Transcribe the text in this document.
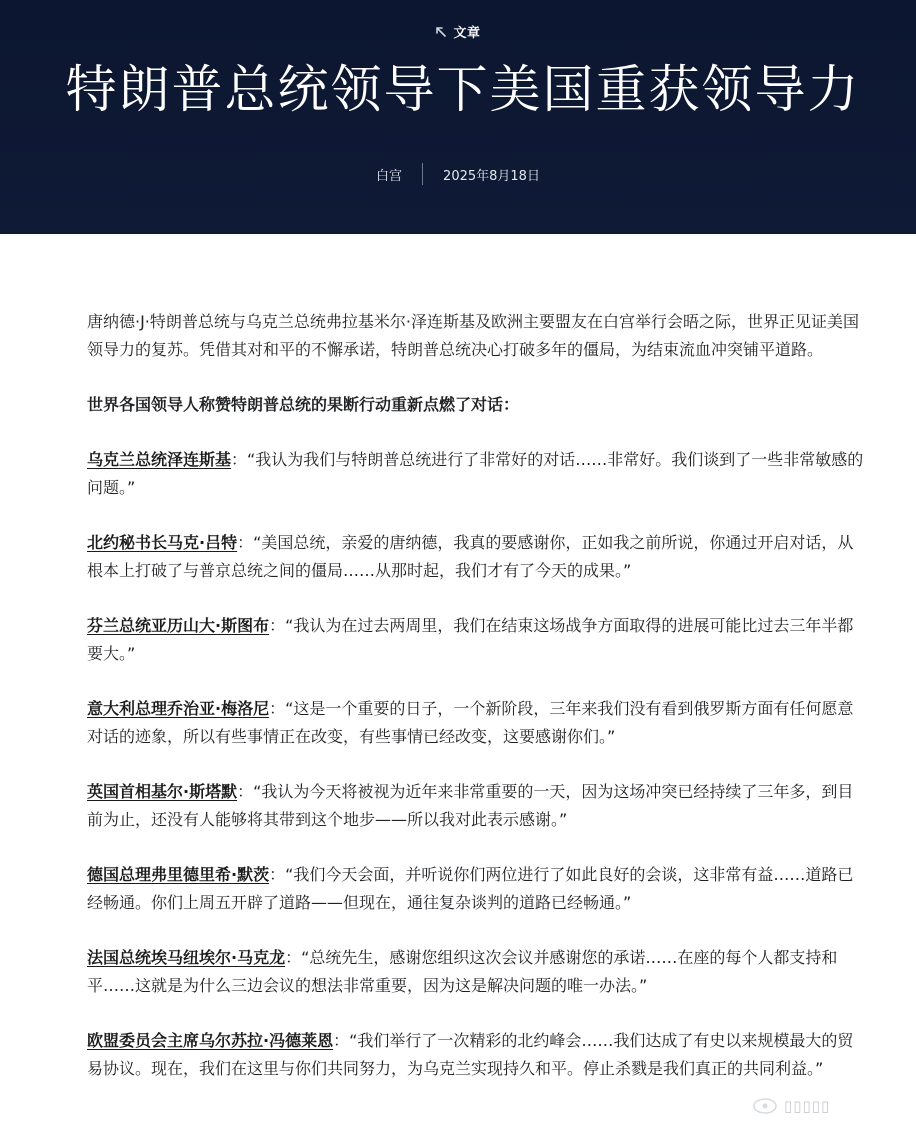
文章
特朗普总统领导下美国重获领导力
白宫	2025年8月18日

唐纳德·J·特朗普总统与乌克兰总统弗拉基米尔·泽连斯基及欧洲主要盟友在白宫举行会晤之际，世界正见证美国领导力的复苏。凭借其对和平的不懈承诺，特朗普总统决心打破多年的僵局，为结束流血冲突铺平道路。

世界各国领导人称赞特朗普总统的果断行动重新点燃了对话：

乌克兰总统泽连斯基：“我认为我们与特朗普总统进行了非常好的对话……非常好。我们谈到了一些非常敏感的问题。”

北约秘书长马克·吕特：“美国总统，亲爱的唐纳德，我真的要感谢你，正如我之前所说，你通过开启对话，从根本上打破了与普京总统之间的僵局……从那时起，我们才有了今天的成果。”

芬兰总统亚历山大·斯图布：“我认为在过去两周里，我们在结束这场战争方面取得的进展可能比过去三年半都要大。”

意大利总理乔治亚·梅洛尼：“这是一个重要的日子，一个新阶段，三年来我们没有看到俄罗斯方面有任何愿意对话的迹象，所以有些事情正在改变，有些事情已经改变，这要感谢你们。”

英国首相基尔·斯塔默：“我认为今天将被视为近年来非常重要的一天，因为这场冲突已经持续了三年多，到目前为止，还没有人能够将其带到这个地步——所以我对此表示感谢。”

德国总理弗里德里希·默茨：“我们今天会面，并听说你们两位进行了如此良好的会谈，这非常有益……道路已经畅通。你们上周五开辟了道路——但现在，通往复杂谈判的道路已经畅通。”

法国总统埃马纽埃尔·马克龙：“总统先生，感谢您组织这次会议并感谢您的承诺……在座的每个人都支持和平……这就是为什么三边会议的想法非常重要，因为这是解决问题的唯一办法。”

欧盟委员会主席乌尔苏拉·冯德莱恩：“我们举行了一次精彩的北约峰会……我们达成了有史以来规模最大的贸易协议。现在，我们在这里与你们共同努力，为乌克兰实现持久和平。停止杀戮是我们真正的共同利益。”

▯▯▯▯▯
